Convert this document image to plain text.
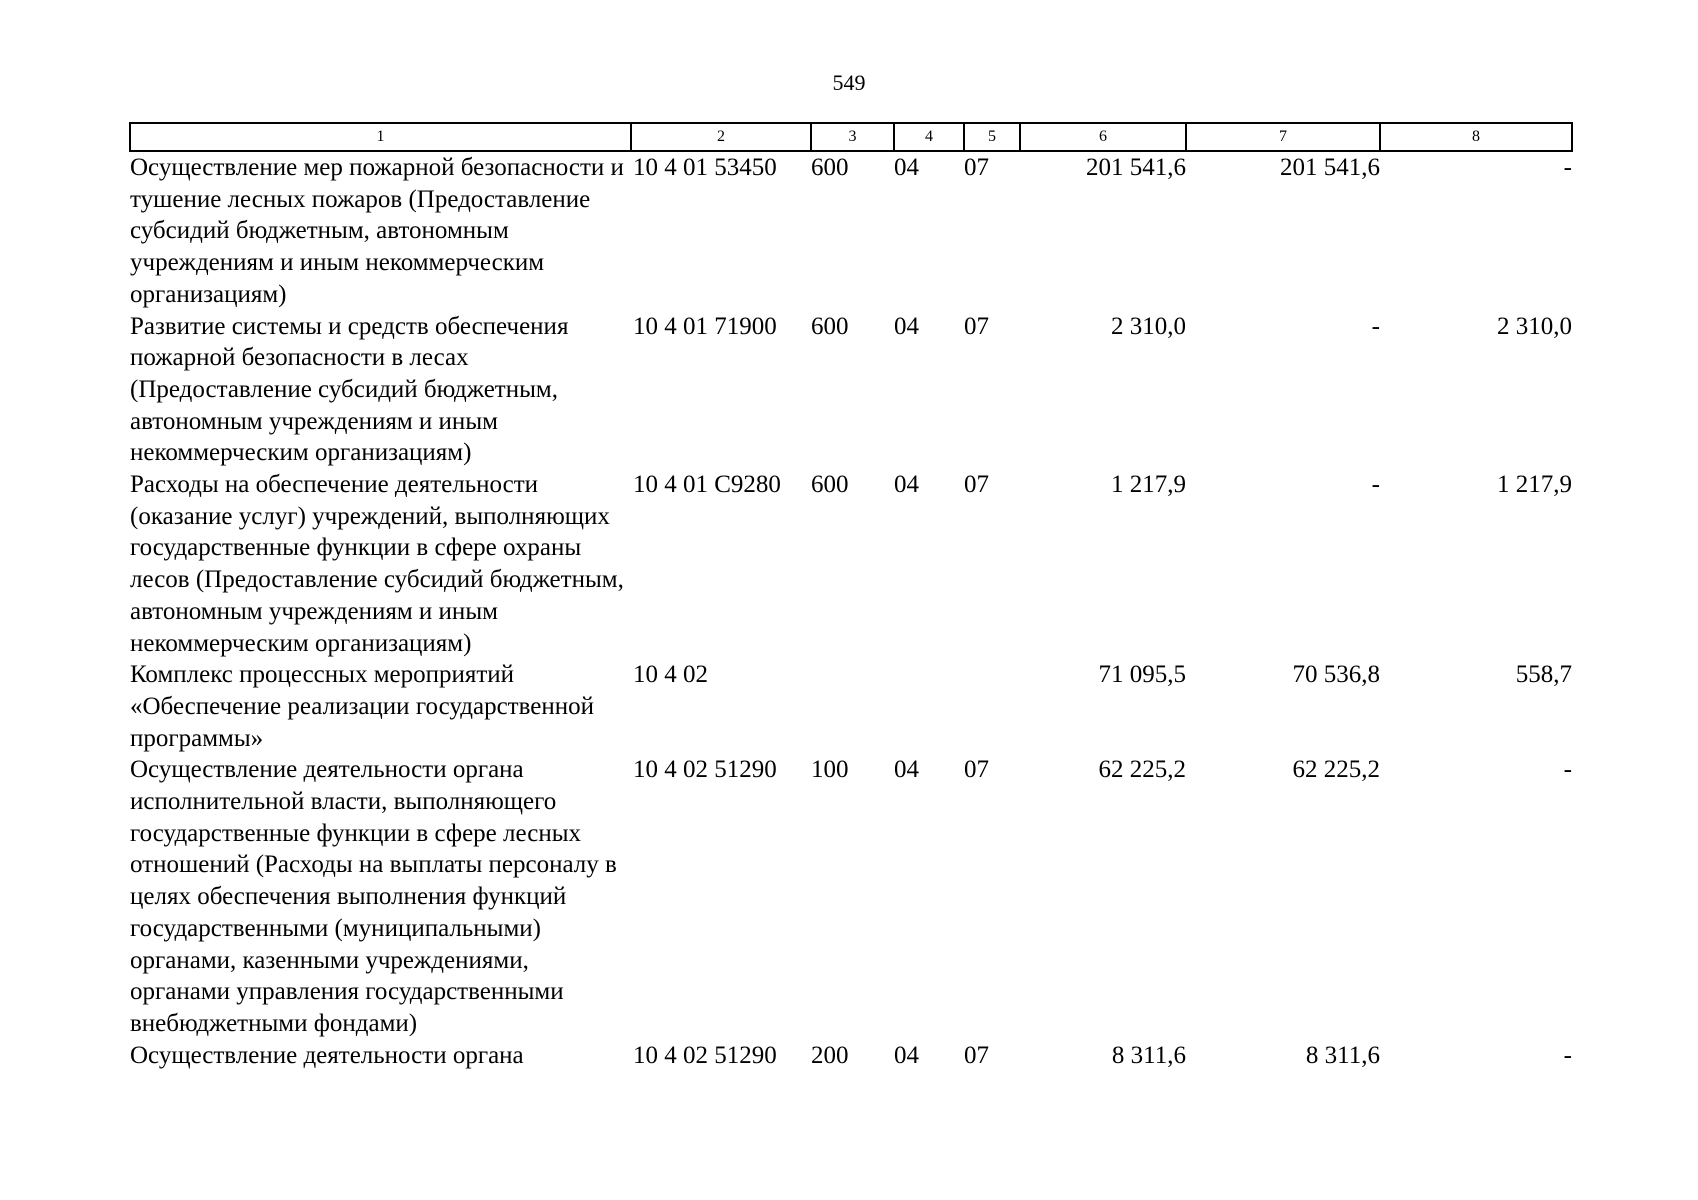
549
1	2	3	4	5	6	7	8
Осуществление мер пожарной безопасности и тушение лесных пожаров (Предоставление субсидий бюджетным, автономным учреждениям и иным некоммерческим организациям)	10 4 01 53450	600	04	07	201 541,6	201 541,6	-
Развитие системы и средств обеспечения пожарной безопасности в лесах (Предоставление субсидий бюджетным, автономным учреждениям и иным некоммерческим организациям)	10 4 01 71900	600	04	07	2 310,0	-	2 310,0
Расходы на обеспечение деятельности (оказание услуг) учреждений, выполняющих государственные функции в сфере охраны лесов (Предоставление субсидий бюджетным, автономным учреждениям и иным некоммерческим организациям)	10 4 01 С9280	600	04	07	1 217,9	-	1 217,9
Комплекс процессных мероприятий «Обеспечение реализации государственной программы»	10 4 02				71 095,5	70 536,8	558,7
Осуществление деятельности органа исполнительной власти, выполняющего государственные функции в сфере лесных отношений (Расходы на выплаты персоналу в целях обеспечения выполнения функций государственными (муниципальными) органами, казенными учреждениями, органами управления государственными внебюджетными фондами)	10 4 02 51290	100	04	07	62 225,2	62 225,2	-
Осуществление деятельности органа	10 4 02 51290	200	04	07	8 311,6	8 311,6	-
